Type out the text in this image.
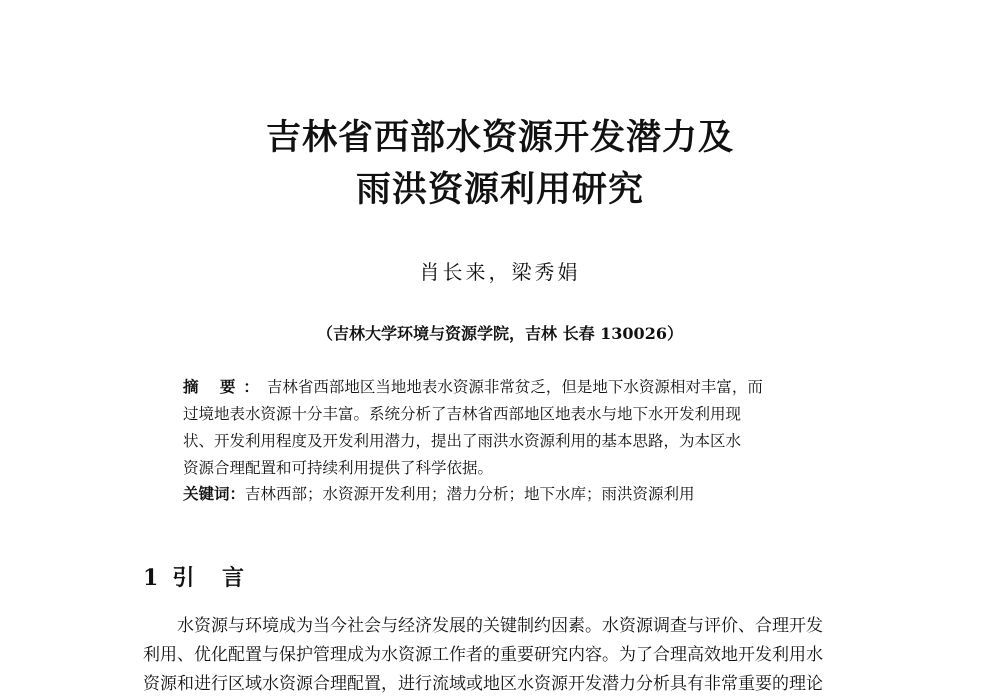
吉林省西部水资源开发潜力及
雨洪资源利用研究
肖长来，梁秀娟
（吉林大学环境与资源学院，吉林 长春 130026）
摘 要：吉林省西部地区当地地表水资源非常贫乏，但是地下水资源相对丰富，而
过境地表水资源十分丰富。系统分析了吉林省西部地区地表水与地下水开发利用现
状、开发利用程度及开发利用潜力，提出了雨洪水资源利用的基本思路，为本区水
资源合理配置和可持续利用提供了科学依据。
关键词：吉林西部；水资源开发利用；潜力分析；地下水库；雨洪资源利用
1 引 言
水资源与环境成为当今社会与经济发展的关键制约因素。水资源调查与评价、合理开发
利用、优化配置与保护管理成为水资源工作者的重要研究内容。为了合理高效地开发利用水
资源和进行区域水资源合理配置，进行流域或地区水资源开发潜力分析具有非常重要的理论
